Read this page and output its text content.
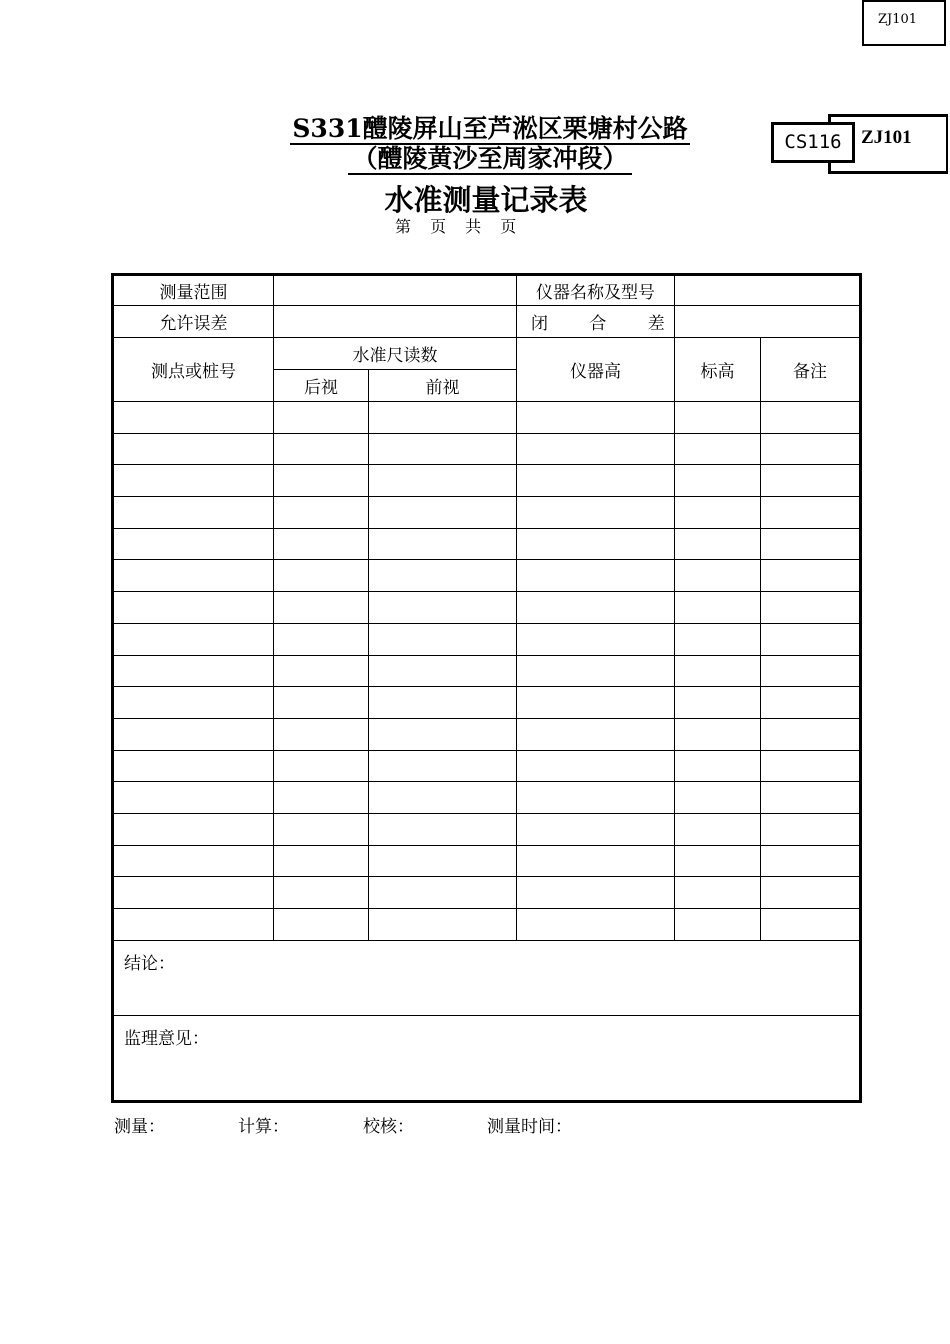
ZJ101
ZJ101
CS116
S331醴陵屏山至芦淞区栗塘村公路
（醴陵黄沙至周家冲段）
水准测量记录表
第 页 共 页
测量范围			仪器名称及型号		
允许误差			闭 合 差		
测点或桩号	水准尺读数		仪器高	标高	备注
	后视	前视			

结论：					
监理意见：					
测量：	计算：	校核：	测量时间：
